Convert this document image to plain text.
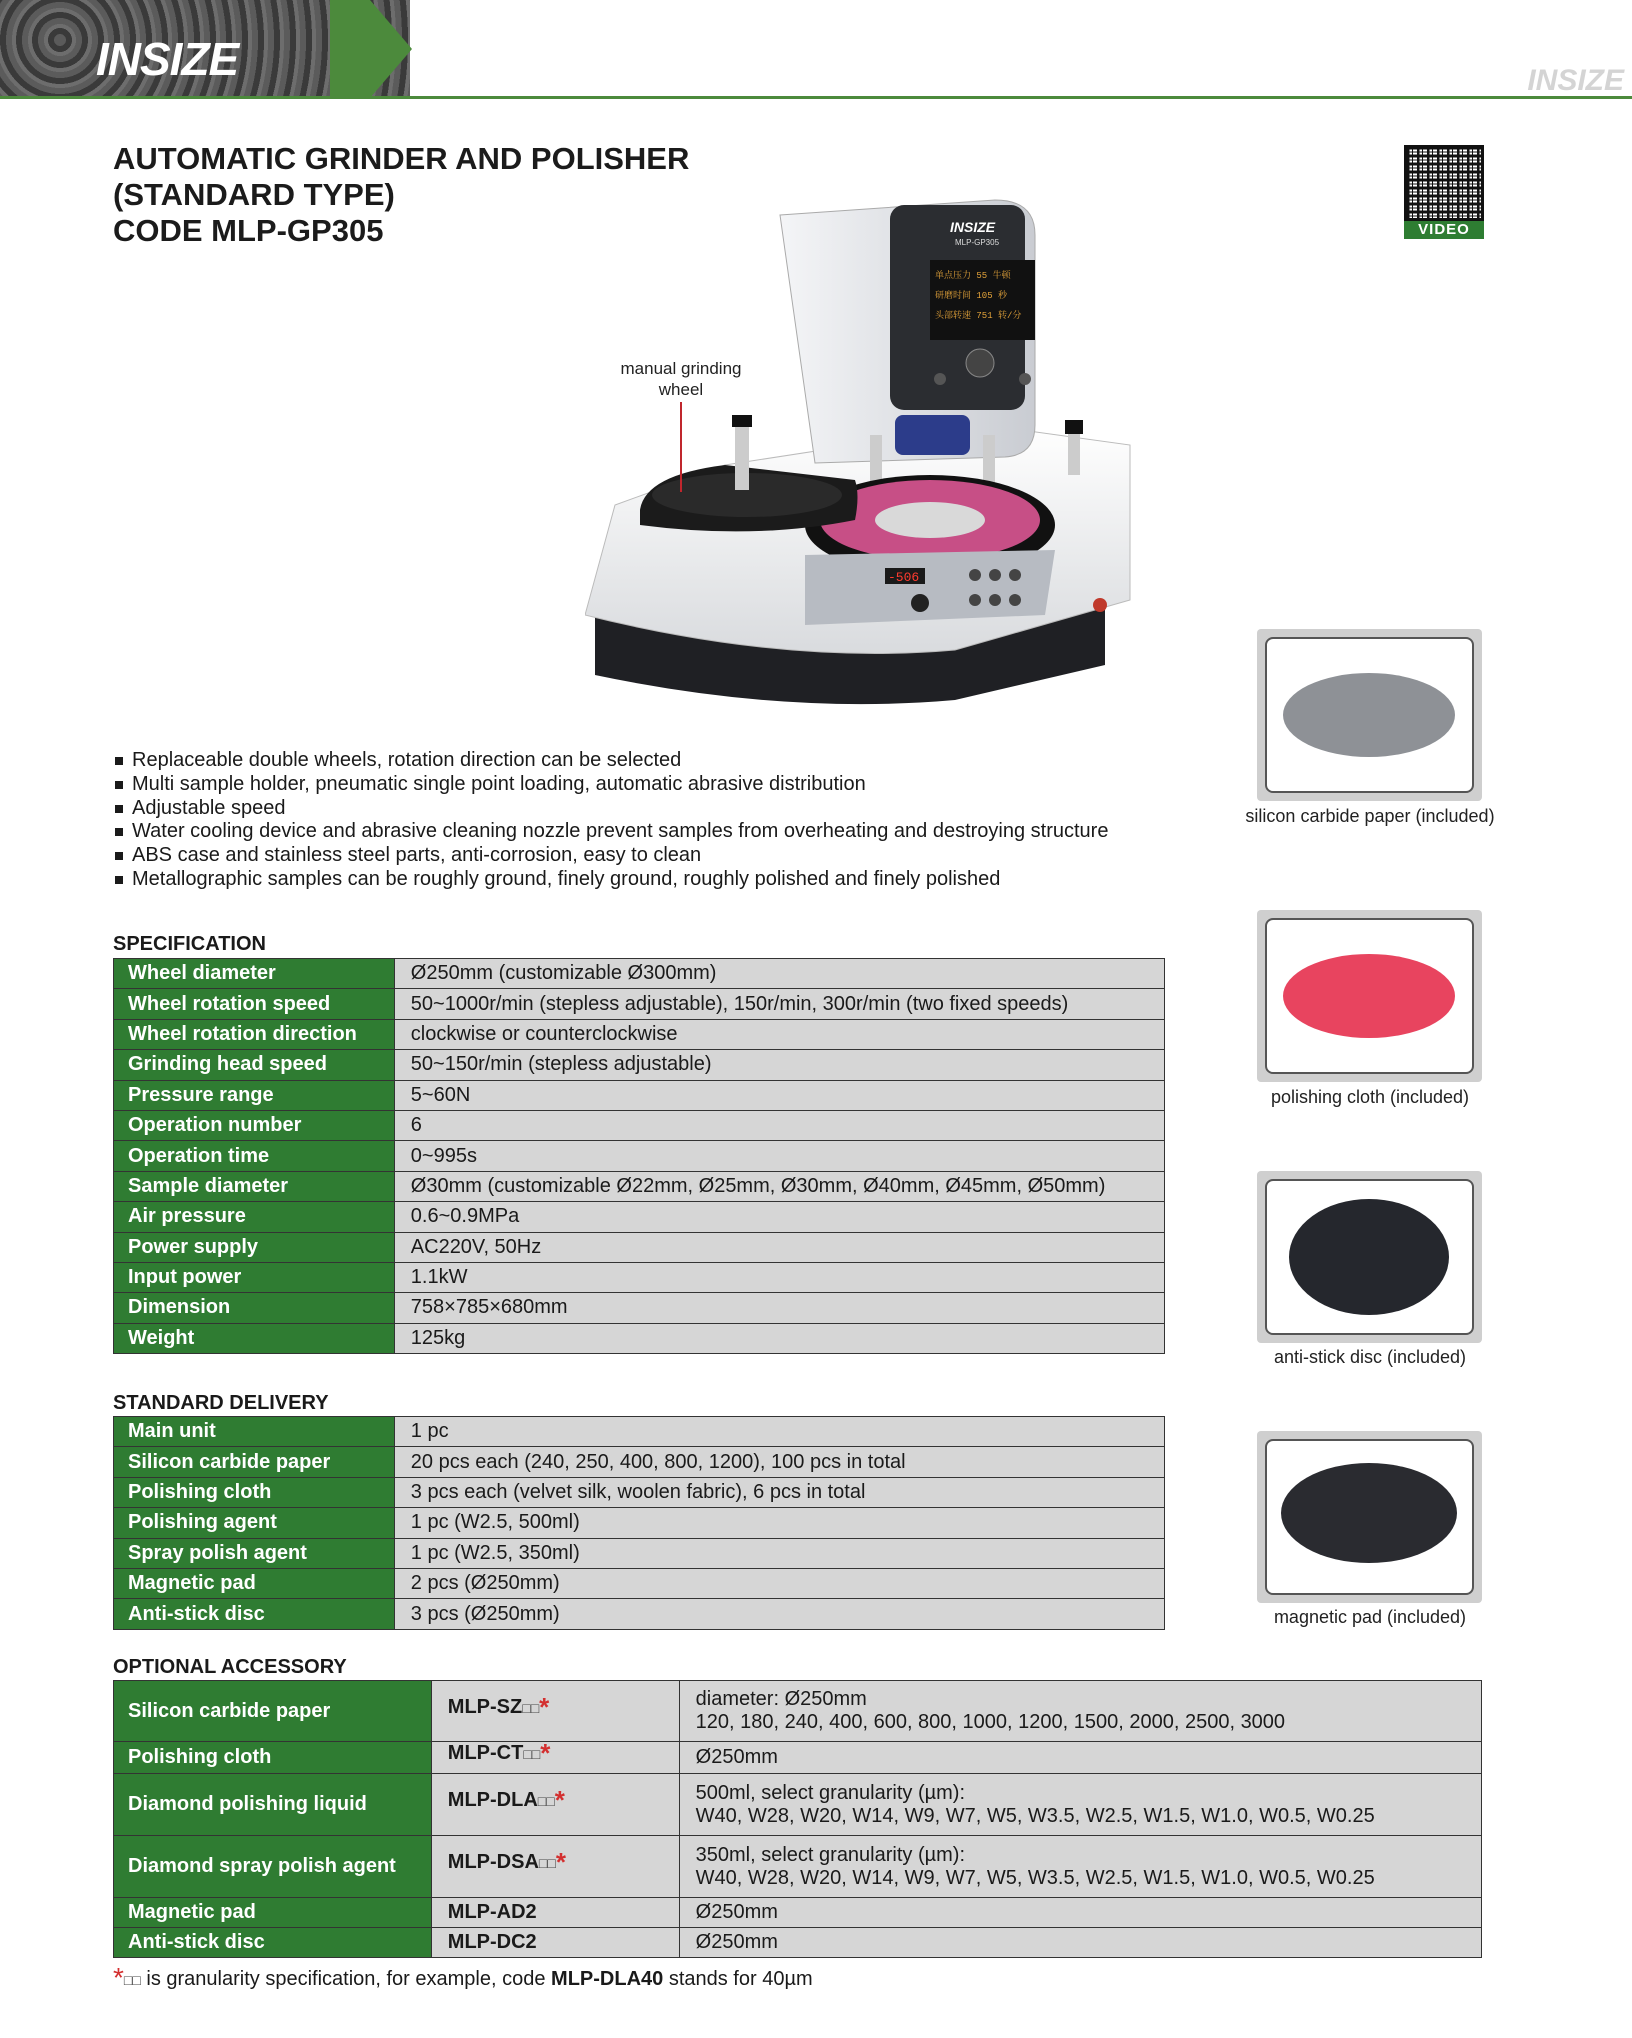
INSIZE	INSIZE
AUTOMATIC GRINDER AND POLISHER
(STANDARD TYPE)
CODE MLP-GP305	VIDEO
单点压力 55 牛顿
研磨时间 105 秒
头部转速 751 转/分
INSIZE
MLP-GP305
-506
manual grinding wheel
Replaceable double wheels, rotation direction can be selected
Multi sample holder, pneumatic single point loading, automatic abrasive distribution
Adjustable speed
Water cooling device and abrasive cleaning nozzle prevent samples from overheating and destroying structure
ABS case and stainless steel parts, anti-corrosion, easy to clean
Metallographic samples can be roughly ground, finely ground, roughly polished and finely polished
SPECIFICATION
Wheel diameter	Ø250mm (customizable Ø300mm)
Wheel rotation speed	50~1000r/min (stepless adjustable), 150r/min, 300r/min (two fixed speeds)
Wheel rotation direction	clockwise or counterclockwise
Grinding head speed	50~150r/min (stepless adjustable)
Pressure range	5~60N
Operation number	6
Operation time	0~995s
Sample diameter	Ø30mm (customizable Ø22mm, Ø25mm, Ø30mm, Ø40mm, Ø45mm, Ø50mm)
Air pressure	0.6~0.9MPa
Power supply	AC220V, 50Hz
Input power	1.1kW
Dimension	758×785×680mm
Weight	125kg
STANDARD DELIVERY
Main unit	1 pc
Silicon carbide paper	20 pcs each (240, 250, 400, 800, 1200), 100 pcs in total
Polishing cloth	3 pcs each (velvet silk, woolen fabric), 6 pcs in total
Polishing agent	1 pc (W2.5, 500ml)
Spray polish agent	1 pc (W2.5, 350ml)
Magnetic pad	2 pcs (Ø250mm)
Anti-stick disc	3 pcs (Ø250mm)
OPTIONAL ACCESSORY
Silicon carbide paper	MLP-SZ□□*	diameter: Ø250mm
120, 180, 240, 400, 600, 800, 1000, 1200, 1500, 2000, 2500, 3000

Polishing cloth	MLP-CT□□*	Ø250mm

Diamond polishing liquid	MLP-DLA□□*	500ml, select granularity (µm):
W40, W28, W20, W14, W9, W7, W5, W3.5, W2.5, W1.5, W1.0, W0.5, W0.25

Diamond spray polish agent	MLP-DSA□□*	350ml, select granularity (µm):
W40, W28, W20, W14, W9, W7, W5, W3.5, W2.5, W1.5, W1.0, W0.5, W0.25

Magnetic pad	MLP-AD2	Ø250mm
Anti-stick disc	MLP-DC2	Ø250mm
silicon carbide paper (included)
polishing cloth (included)
anti-stick disc (included)
magnetic pad (included)
*□□ is granularity specification, for example, code MLP-DLA40 stands for 40µm
